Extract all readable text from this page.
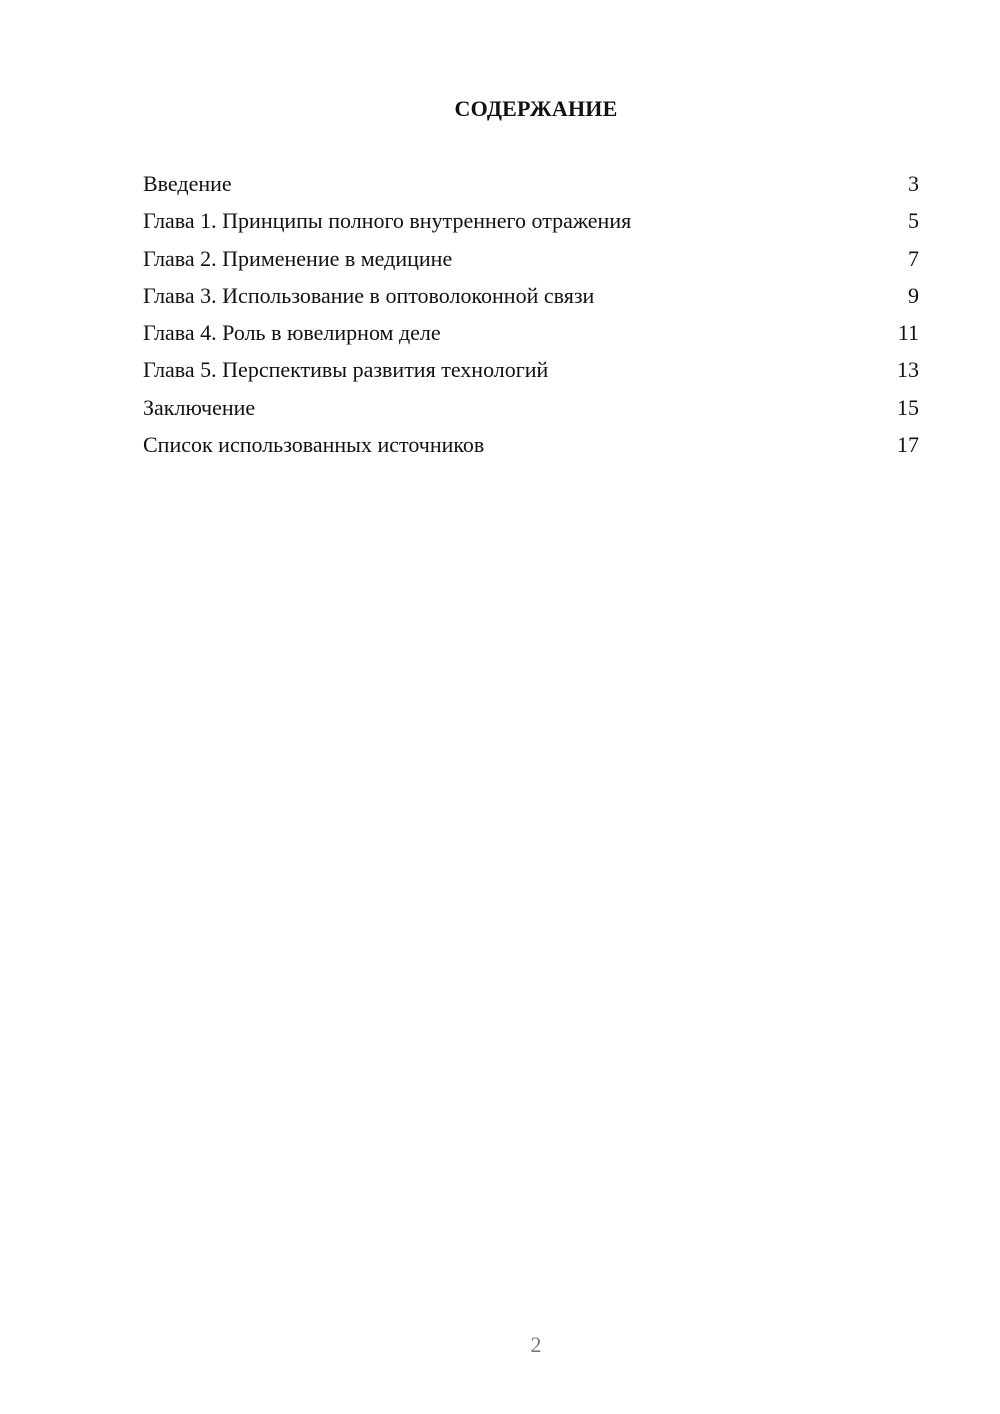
СОДЕРЖАНИЕ
Введение	3
Глава 1. Принципы полного внутреннего отражения	5
Глава 2. Применение в медицине	7
Глава 3. Использование в оптоволоконной связи	9
Глава 4. Роль в ювелирном деле	11
Глава 5. Перспективы развития технологий	13
Заключение	15
Список использованных источников	17
2
